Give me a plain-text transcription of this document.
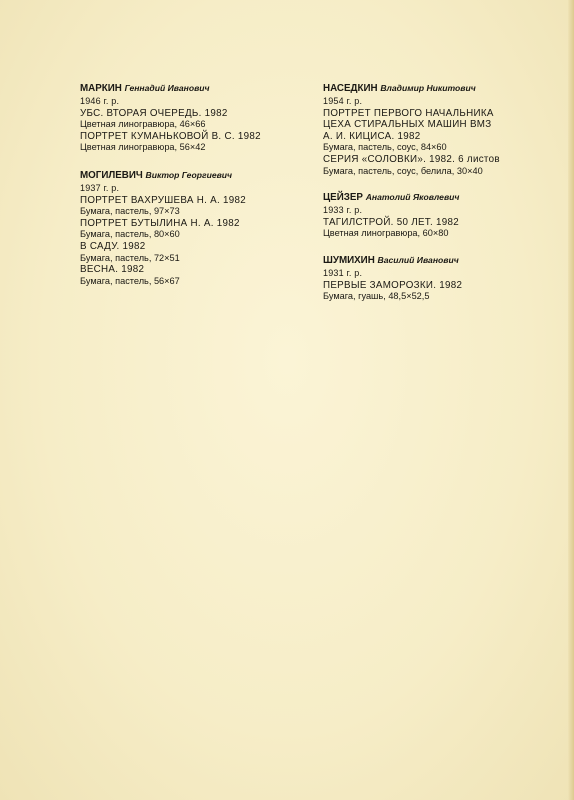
МАРКИН Геннадий Иванович
1946 г. р.
УБС. ВТОРАЯ ОЧЕРЕДЬ. 1982
Цветная линогравюра, 46×66
ПОРТРЕТ КУМАНЬКОВОЙ В. С. 1982
Цветная линогравюра, 56×42
МОГИЛЕВИЧ Виктор Георгиевич
1937 г. р.
ПОРТРЕТ ВАХРУШЕВА Н. А. 1982
Бумага, пастель, 97×73
ПОРТРЕТ БУТЫЛИНА Н. А. 1982
Бумага, пастель, 80×60
В САДУ. 1982
Бумага, пастель, 72×51
ВЕСНА. 1982
Бумага, пастель, 56×67
НАСЕДКИН Владимир Никитович
1954 г. р.
ПОРТРЕТ ПЕРВОГО НАЧАЛЬНИКА
ЦЕХА СТИРАЛЬНЫХ МАШИН ВМЗ
А. И. КИЦИСА. 1982
Бумага, пастель, соус, 84×60
СЕРИЯ «СОЛОВКИ». 1982. 6 листов
Бумага, пастель, соус, белила, 30×40
ЦЕЙЗЕР Анатолий Яковлевич
1933 г. р.
ТАГИЛСТРОЙ. 50 ЛЕТ. 1982
Цветная линогравюра, 60×80
ШУМИХИН Василий Иванович
1931 г. р.
ПЕРВЫЕ ЗАМОРОЗКИ. 1982
Бумага, гуашь, 48,5×52,5
